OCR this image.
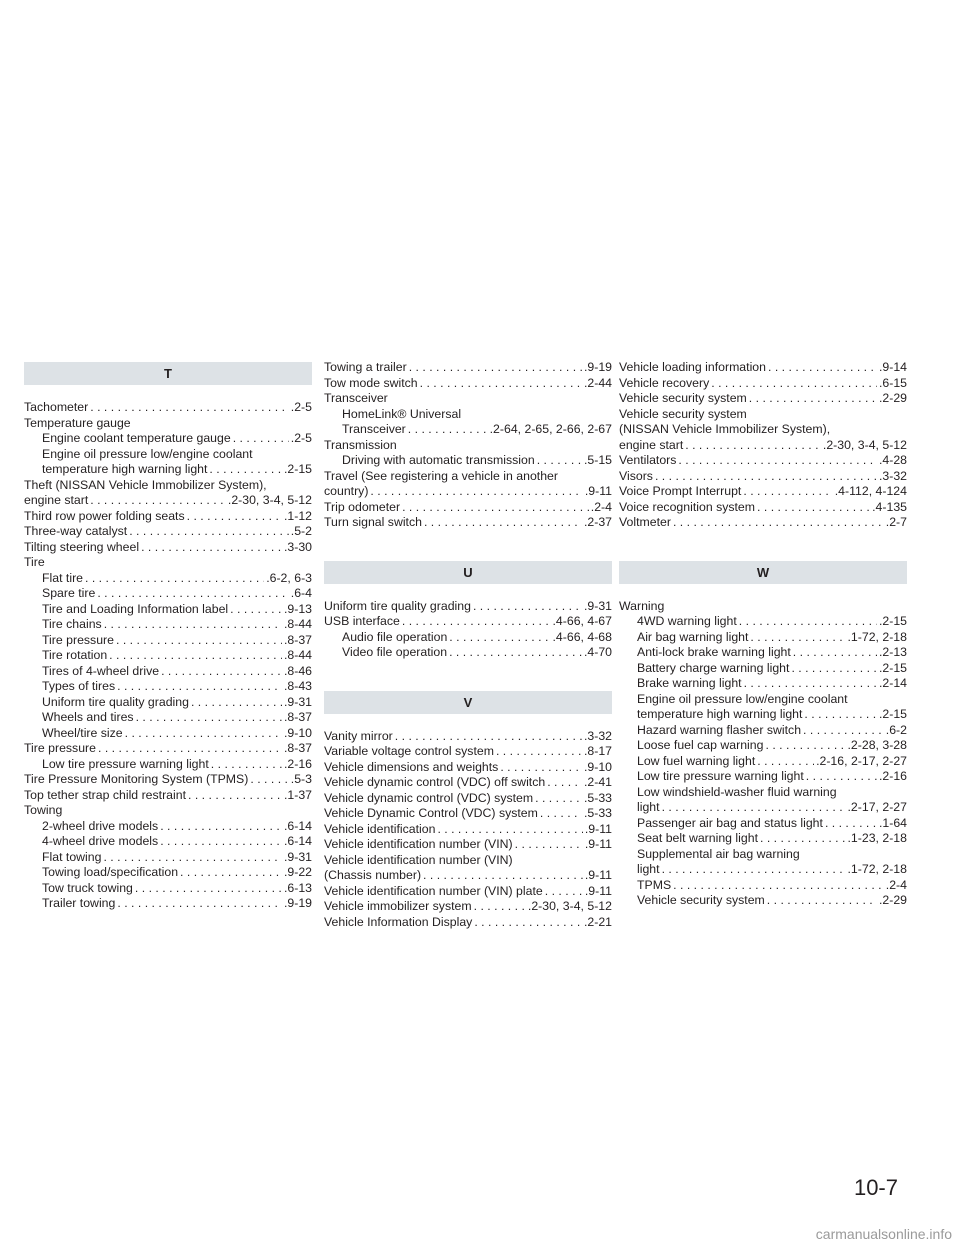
T
Tachometer . . .	.2-5
Temperature gauge
Engine coolant temperature gauge . . .	.2-5
Engine oil pressure low/engine coolant
temperature high warning light . . .	.2-15
Theft (NISSAN Vehicle Immobilizer System),
engine start . . .	.2-30, 3-4, 5-12
Third row power folding seats . . .	.1-12
Three-way catalyst . . .	.5-2
Tilting steering wheel . . .	.3-30
Tire
Flat tire . . .	.6-2, 6-3
Spare tire . . .	.6-4
Tire and Loading Information label . . .	.9-13
Tire chains . . .	.8-44
Tire pressure . . .	.8-37
Tire rotation . . .	.8-44
Tires of 4-wheel drive . . .	.8-46
Types of tires . . .	.8-43
Uniform tire quality grading . . .	.9-31
Wheels and tires . . .	.8-37
Wheel/tire size . . .	.9-10
Tire pressure . . .	.8-37
Low tire pressure warning light . . .	.2-16
Tire Pressure Monitoring System (TPMS) . . .	.5-3
Top tether strap child restraint . . .	.1-37
Towing
2-wheel drive models . . .	.6-14
4-wheel drive models . . .	.6-14
Flat towing . . .	.9-31
Towing load/specification . . .	.9-22
Tow truck towing . . .	.6-13
Trailer towing . . .	.9-19
Towing a trailer . . .	.9-19
Tow mode switch . . .	.2-44
Transceiver
HomeLink® Universal
Transceiver . . .	.2-64, 2-65, 2-66, 2-67
Transmission
Driving with automatic transmission . . .	.5-15
Travel (See registering a vehicle in another
country) . . .	.9-11
Trip odometer . . .	.2-4
Turn signal switch . . .	.2-37
U
Uniform tire quality grading . . .	.9-31
USB interface . . .	.4-66, 4-67
Audio file operation . . .	.4-66, 4-68
Video file operation . . .	.4-70
V
Vanity mirror . . .	.3-32
Variable voltage control system . . .	.8-17
Vehicle dimensions and weights . . .	.9-10
Vehicle dynamic control (VDC) off switch . . .	.2-41
Vehicle dynamic control (VDC) system . . .	.5-33
Vehicle Dynamic Control (VDC) system . . .	.5-33
Vehicle identification . . .	.9-11
Vehicle identification number (VIN) . . .	.9-11
Vehicle identification number (VIN)
(Chassis number) . . .	.9-11
Vehicle identification number (VIN) plate . . .	.9-11
Vehicle immobilizer system . . .	.2-30, 3-4, 5-12
Vehicle Information Display . . .	.2-21
Vehicle loading information . . .	.9-14
Vehicle recovery . . .	.6-15
Vehicle security system . . .	.2-29
Vehicle security system
(NISSAN Vehicle Immobilizer System),
engine start . . .	.2-30, 3-4, 5-12
Ventilators . . .	.4-28
Visors . . .	.3-32
Voice Prompt Interrupt . . .	.4-112, 4-124
Voice recognition system . . .	.4-135
Voltmeter . . .	.2-7
W
Warning
4WD warning light . . .	.2-15
Air bag warning light . . .	.1-72, 2-18
Anti-lock brake warning light . . .	.2-13
Battery charge warning light . . .	.2-15
Brake warning light . . .	.2-14
Engine oil pressure low/engine coolant
temperature high warning light . . .	.2-15
Hazard warning flasher switch . . .	.6-2
Loose fuel cap warning . . .	.2-28, 3-28
Low fuel warning light . . .	.2-16, 2-17, 2-27
Low tire pressure warning light . . .	.2-16
Low windshield-washer fluid warning
light . . .	.2-17, 2-27
Passenger air bag and status light . . .	.1-64
Seat belt warning light . . .	.1-23, 2-18
Supplemental air bag warning
light . . .	.1-72, 2-18
TPMS . . .	.2-4
Vehicle security system . . .	.2-29
10-7
carmanualsonline.info
